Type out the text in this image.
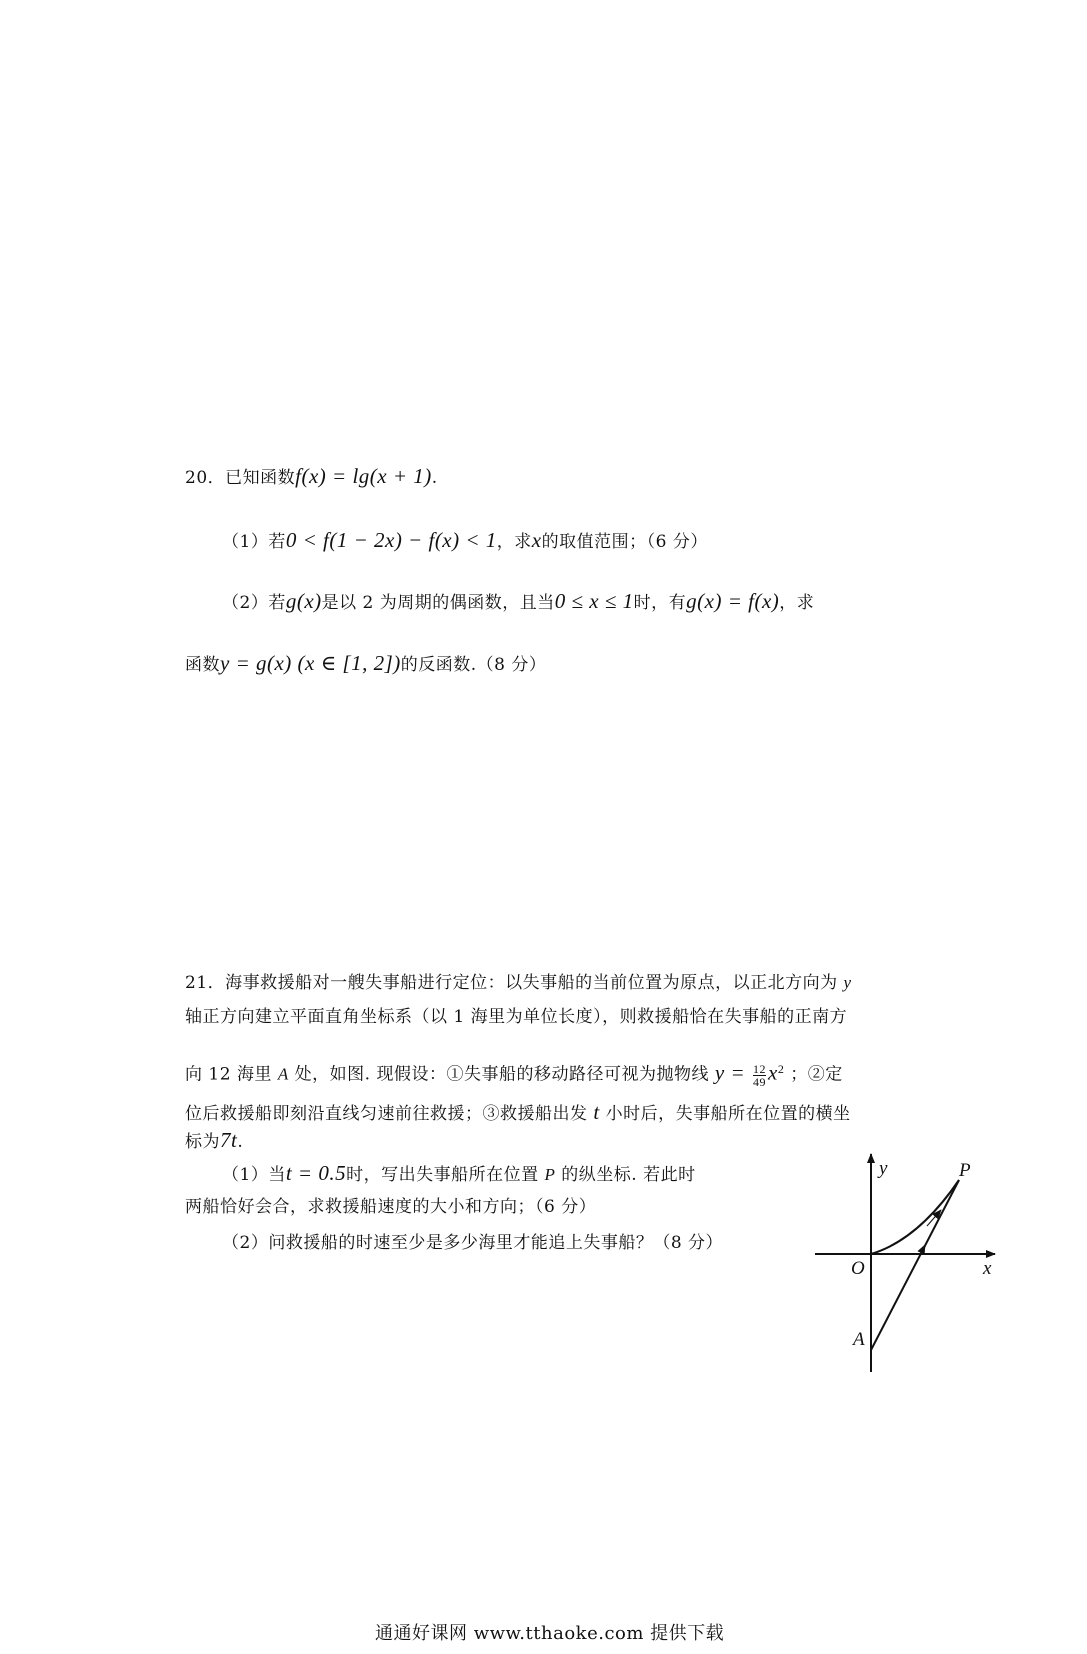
20．已知函数f(x) = lg(x + 1).
（1）若0 < f(1 − 2x) − f(x) < 1，求x的取值范围；（6 分）
（2）若g(x)是以 2 为周期的偶函数，且当0 ≤ x ≤ 1时，有g(x) = f(x)，求
函数y = g(x) (x ∈ [1, 2])的反函数.（8 分）
21．海事救援船对一艘失事船进行定位：以失事船的当前位置为原点，以正北方向为 y
轴正方向建立平面直角坐标系（以 1 海里为单位长度），则救援船恰在失事船的正南方
向 12 海里 A 处，如图. 现假设：①失事船的移动路径可视为抛物线 $y = \frac{12}{49} x^2$ ；②定
位后救援船即刻沿直线匀速前往救援；③救援船出发 t 小时后，失事船所在位置的横坐
标为7t.
（1）当t = 0.5时，写出失事船所在位置 P 的纵坐标. 若此时
两船恰好会合，求救援船速度的大小和方向；（6 分）
（2）问救援船的时速至少是多少海里才能追上失事船？（8 分）
y
x
O
P
A
通通好课网 www.tthaoke.com 提供下载
